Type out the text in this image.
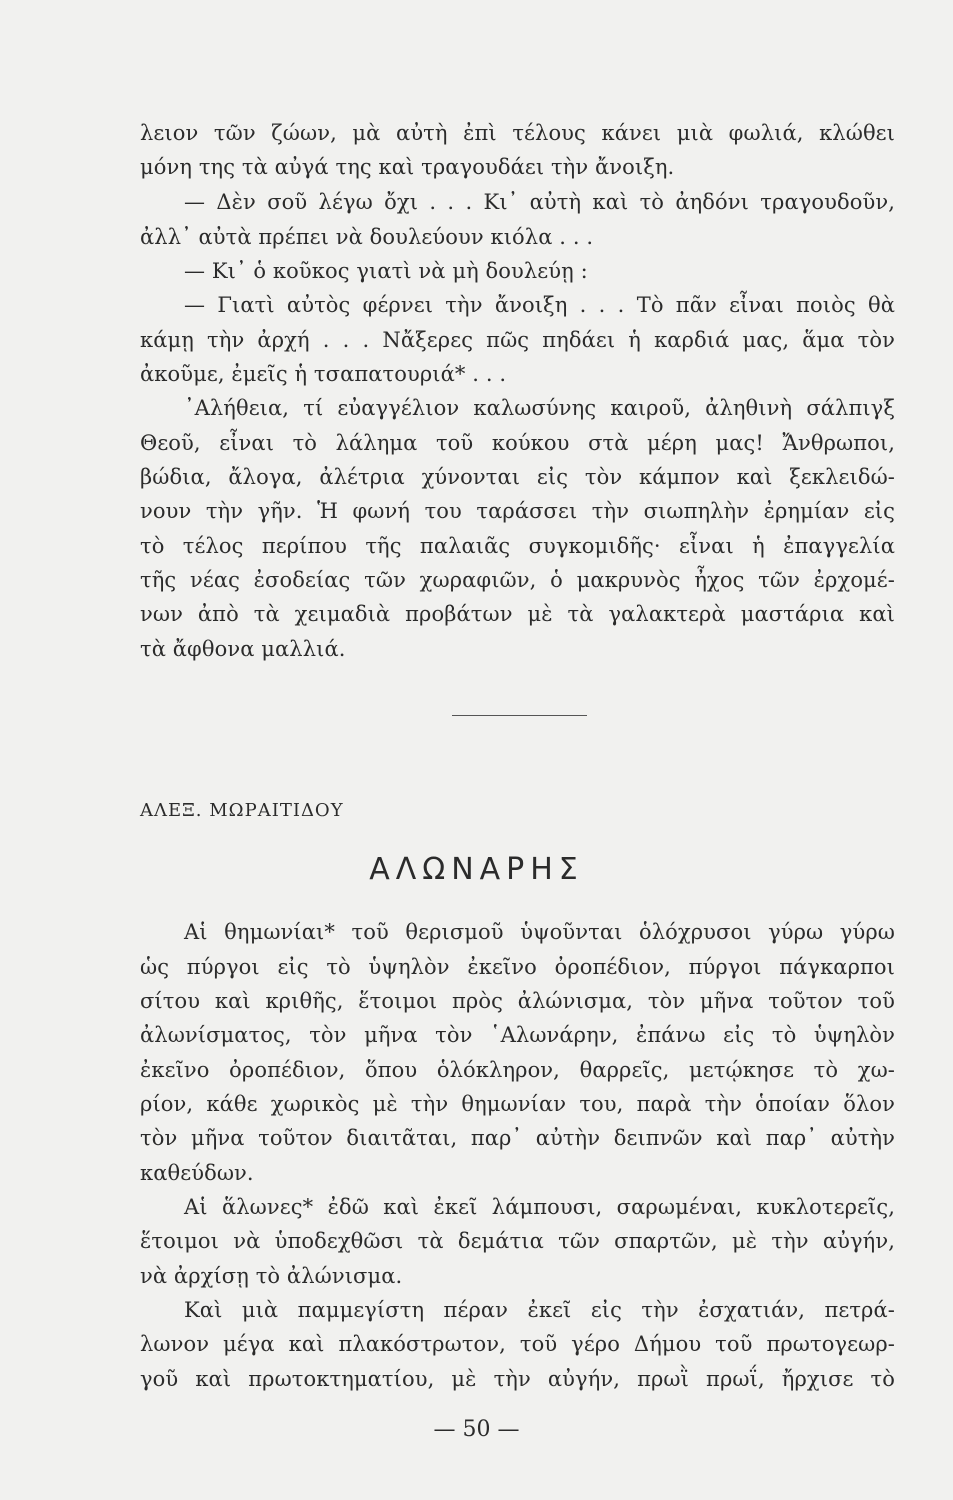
λειον τῶν ζώων, μὰ αὐτὴ ἐπὶ τέλους κάνει μιὰ φωλιά, κλώθει
μόνη της τὰ αὐγά της καὶ τραγουδάει τὴν ἄνοιξη.
— Δὲν σοῦ λέγω ὄχι . . . Κι᾿ αὐτὴ καὶ τὸ ἀηδόνι τραγουδοῦν,
ἀλλ᾿ αὐτὰ πρέπει νὰ δουλεύουν κιόλα . . .
— Κι᾿ ὁ κοῦκος γιατὶ νὰ μὴ δουλεύῃ :
— Γιατὶ αὐτὸς φέρνει τὴν ἄνοιξη . . . Τὸ πᾶν εἶναι ποιὸς θὰ
κάμῃ τὴν ἀρχή . . . Νἄξερες πῶς πηδάει ἡ καρδιά μας, ἅμα τὸν
ἀκοῦμε, ἐμεῖς ἡ τσαπατουριά* . . .
᾿Αλήθεια, τί εὐαγγέλιον καλωσύνης καιροῦ, ἀληθινὴ σάλπιγξ
Θεοῦ, εἶναι τὸ λάλημα τοῦ κούκου στὰ μέρη μας! Ἄνθρωποι,
βώδια, ἄλογα, ἀλέτρια χύνονται εἰς τὸν κάμπον καὶ ξεκλειδώ-
νουν τὴν γῆν. Ἡ φωνή του ταράσσει τὴν σιωπηλὴν ἐρημίαν εἰς
τὸ τέλος περίπου τῆς παλαιᾶς συγκομιδῆς· εἶναι ἡ ἐπαγγελία
τῆς νέας ἐσοδείας τῶν χωραφιῶν, ὁ μακρυνὸς ἦχος τῶν ἐρχομέ-
νων ἀπὸ τὰ χειμαδιὰ προβάτων μὲ τὰ γαλακτερὰ μαστάρια καὶ
τὰ ἄφθονα μαλλιά.
ΑΛΕΞ. ΜΩΡΑΙΤΙΔΟΥ
ΑΛΩΝΑΡΗΣ
Αἱ θημωνίαι* τοῦ θερισμοῦ ὑψοῦνται ὁλόχρυσοι γύρω γύρω
ὡς πύργοι εἰς τὸ ὑψηλὸν ἐκεῖνο ὀροπέδιον, πύργοι πάγκαρποι
σίτου καὶ κριθῆς, ἕτοιμοι πρὸς ἀλώνισμα, τὸν μῆνα τοῦτον τοῦ
ἀλωνίσματος, τὸν μῆνα τὸν ῾Αλωνάρην, ἐπάνω εἰς τὸ ὑψηλὸν
ἐκεῖνο ὀροπέδιον, ὅπου ὁλόκληρον, θαρρεῖς, μετῴκησε τὸ χω-
ρίον, κάθε χωρικὸς μὲ τὴν θημωνίαν του, παρὰ τὴν ὁποίαν ὅλον
τὸν μῆνα τοῦτον διαιτᾶται, παρ᾿ αὐτὴν δειπνῶν καὶ παρ᾿ αὐτὴν
καθεύδων.
Αἱ ἅλωνες* ἐδῶ καὶ ἐκεῖ λάμπουσι, σαρωμέναι, κυκλοτερεῖς,
ἕτοιμοι νὰ ὑποδεχθῶσι τὰ δεμάτια τῶν σπαρτῶν, μὲ τὴν αὐγήν,
νὰ ἀρχίσῃ τὸ ἀλώνισμα.
Καὶ μιὰ παμμεγίστη πέραν ἐκεῖ εἰς τὴν ἐσχατιάν, πετρά-
λωνον μέγα καὶ πλακόστρωτον, τοῦ γέρο Δήμου τοῦ πρωτογεωρ-
γοῦ καὶ πρωτοκτηματίου, μὲ τὴν αὐγήν, πρωῒ πρωΐ, ἤρχισε τὸ
— 50 —
